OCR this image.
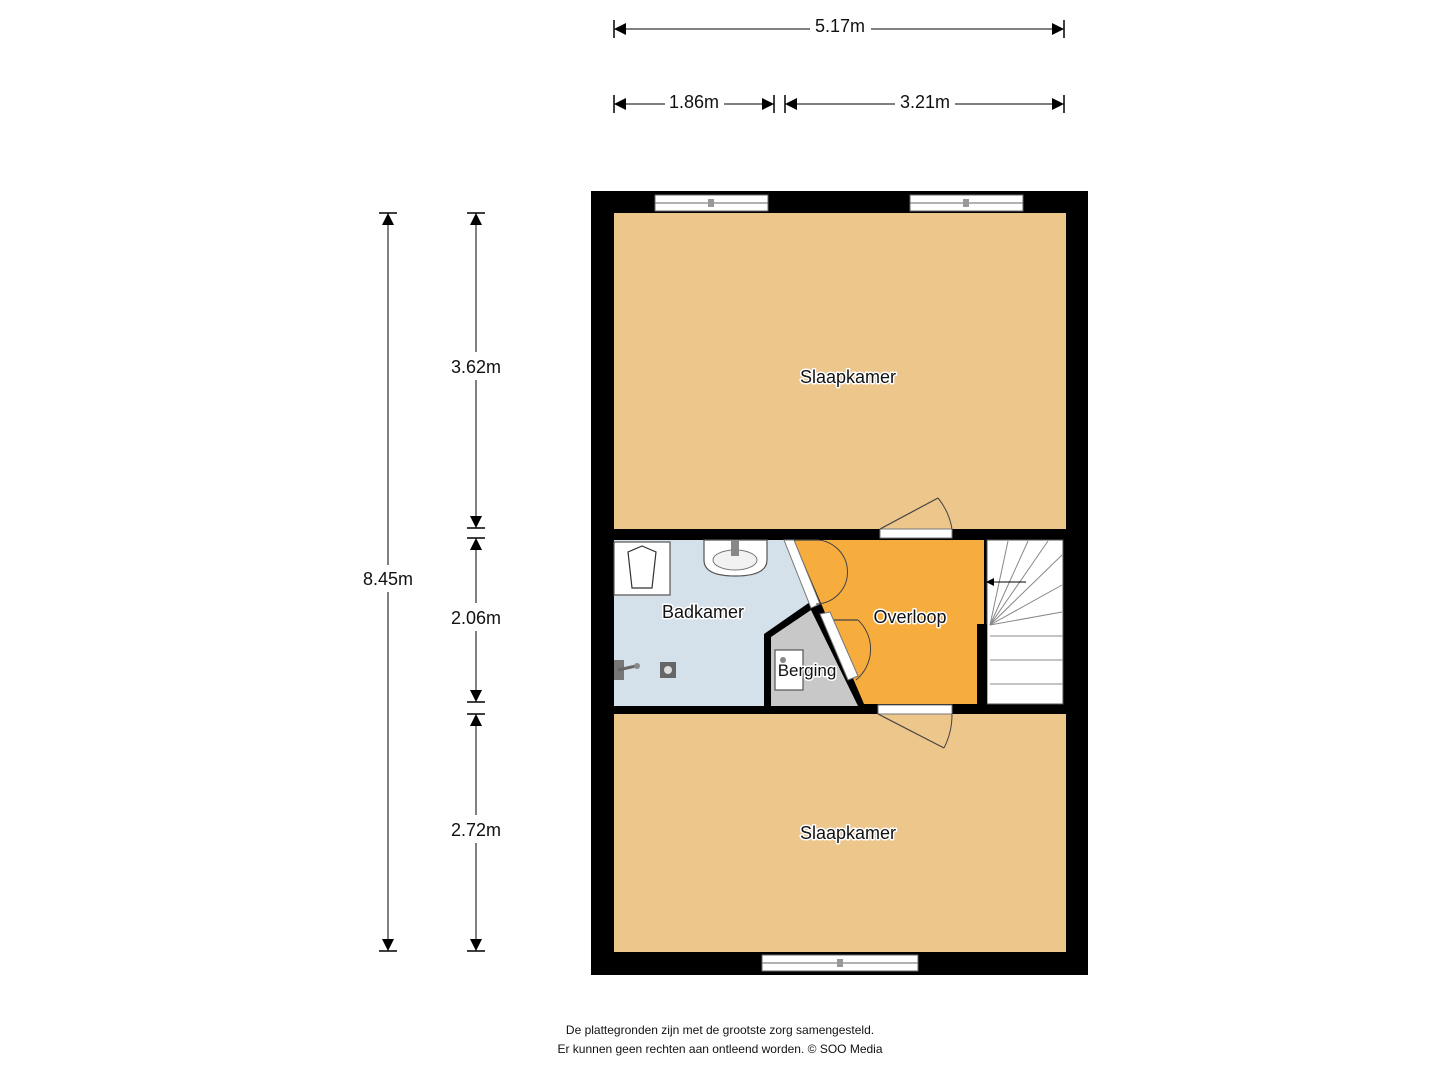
5.17m
1.86m	3.21m
8.45m
3.62m
2.06m
2.72m
Slaapkamer
Badkamer	Overloop
Berging
Slaapkamer
De plattegronden zijn met de grootste zorg samengesteld.
Er kunnen geen rechten aan ontleend worden. © SOO Media
